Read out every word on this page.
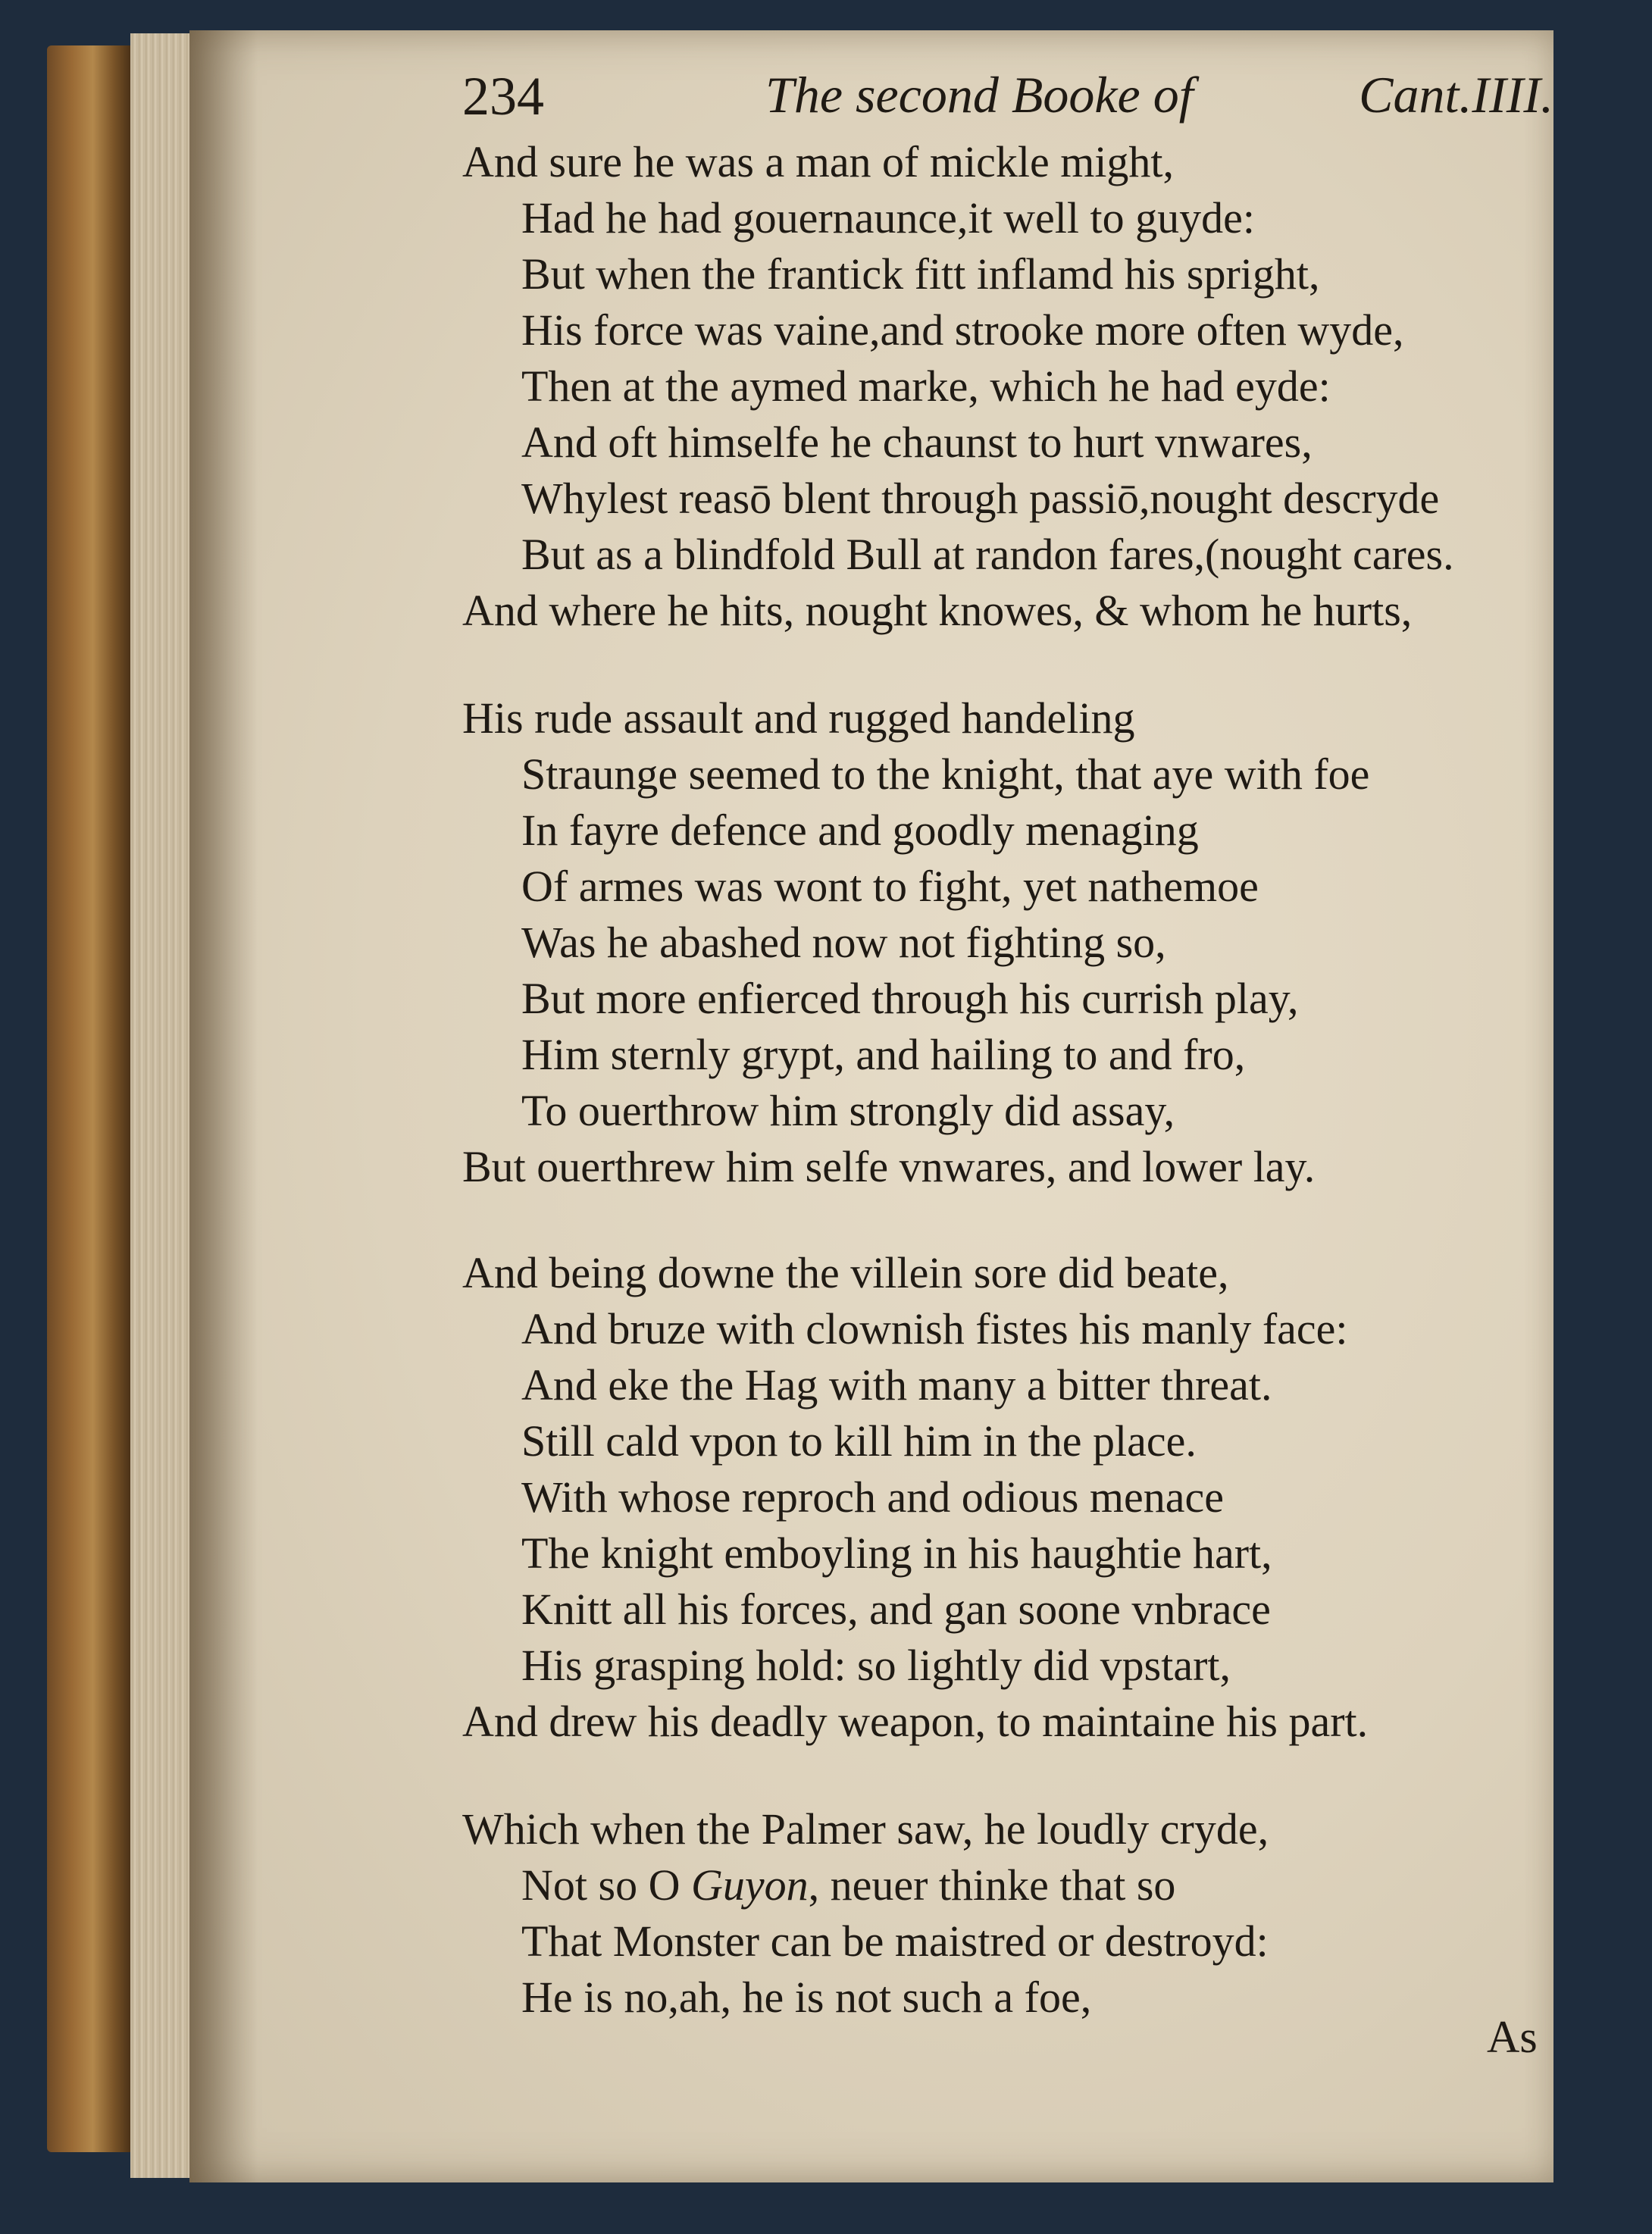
234	The second Booke of	Cant.IIII.
And sure he was a man of mickle might,
Had he had gouernaunce,it well to guyde:
But when the frantick fitt inflamd his spright,
His force was vaine,and strooke more often wyde,
Then at the aymed marke, which he had eyde:
And oft himselfe he chaunst to hurt vnwares,
Whylest reasō blent through passiō,nought descryde
But as a blindfold Bull at randon fares,(nought cares.
And where he hits, nought knowes, & whom he hurts,
His rude assault and rugged handeling
Straunge seemed to the knight, that aye with foe
In fayre defence and goodly menaging
Of armes was wont to fight, yet nathemoe
Was he abashed now not fighting so,
But more enfierced through his currish play,
Him sternly grypt, and hailing to and fro,
To ouerthrow him strongly did assay,
But ouerthrew him selfe vnwares, and lower lay.
And being downe the villein sore did beate,
And bruze with clownish fistes his manly face:
And eke the Hag with many a bitter threat.
Still cald vpon to kill him in the place.
With whose reproch and odious menace
The knight emboyling in his haughtie hart,
Knitt all his forces, and gan soone vnbrace
His grasping hold: so lightly did vpstart,
And drew his deadly weapon, to maintaine his part.
Which when the Palmer saw, he loudly cryde,
Not so O Guyon, neuer thinke that so
That Monster can be maistred or destroyd:
He is no,ah, he is not such a foe,
As
